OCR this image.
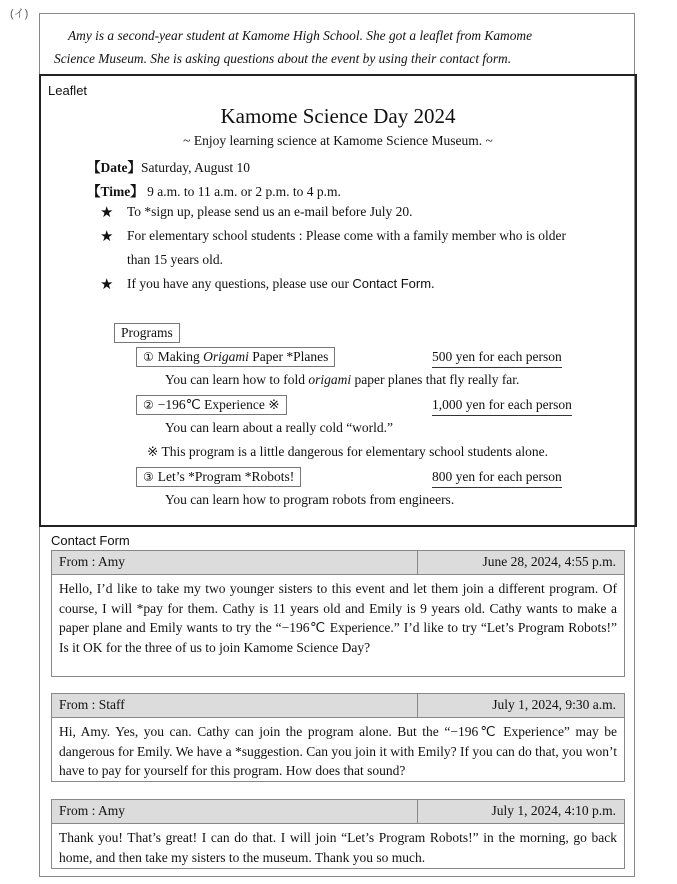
(イ)
Amy is a second-year student at Kamome High School. She got a leaflet from Kamome
Science Museum. She is asking questions about the event by using their contact form.
Leaflet
Kamome Science Day 2024
~ Enjoy learning science at Kamome Science Museum. ~
【Date】Saturday, August 10
【Time】 9 a.m. to 11 a.m. or 2 p.m. to 4 p.m.
★ To *sign up, please send us an e-mail before July 20.
★ For elementary school students : Please come with a family member who is older
than 15 years old.
★ If you have any questions, please use our Contact Form.
Programs
① Making Origami Paper *Planes	500 yen for each person
You can learn how to fold origami paper planes that fly really far.
② −196℃ Experience ※	1,000 yen for each person
You can learn about a really cold “world.”
※ This program is a little dangerous for elementary school students alone.
③ Let’s *Program *Robots!	800 yen for each person
You can learn how to program robots from engineers.
Contact Form
From : Amy	June 28, 2024, 4:55 p.m.
Hello, I’d like to take my two younger sisters to this event and let them join a different program. Of course, I will *pay for them. Cathy is 11 years old and Emily is 9 years old. Cathy wants to make a paper plane and Emily wants to try the “−196℃ Experience.” I’d like to try “Let’s Program Robots!” Is it OK for the three of us to join Kamome Science Day?
From : Staff	July 1, 2024, 9:30 a.m.
Hi, Amy. Yes, you can. Cathy can join the program alone. But the “−196℃ Experience” may be dangerous for Emily. We have a *suggestion. Can you join it with Emily? If you can do that, you won’t have to pay for yourself for this program. How does that sound?
From : Amy	July 1, 2024, 4:10 p.m.
Thank you! That’s great! I can do that. I will join “Let’s Program Robots!” in the morning, go back home, and then take my sisters to the museum. Thank you so much.
